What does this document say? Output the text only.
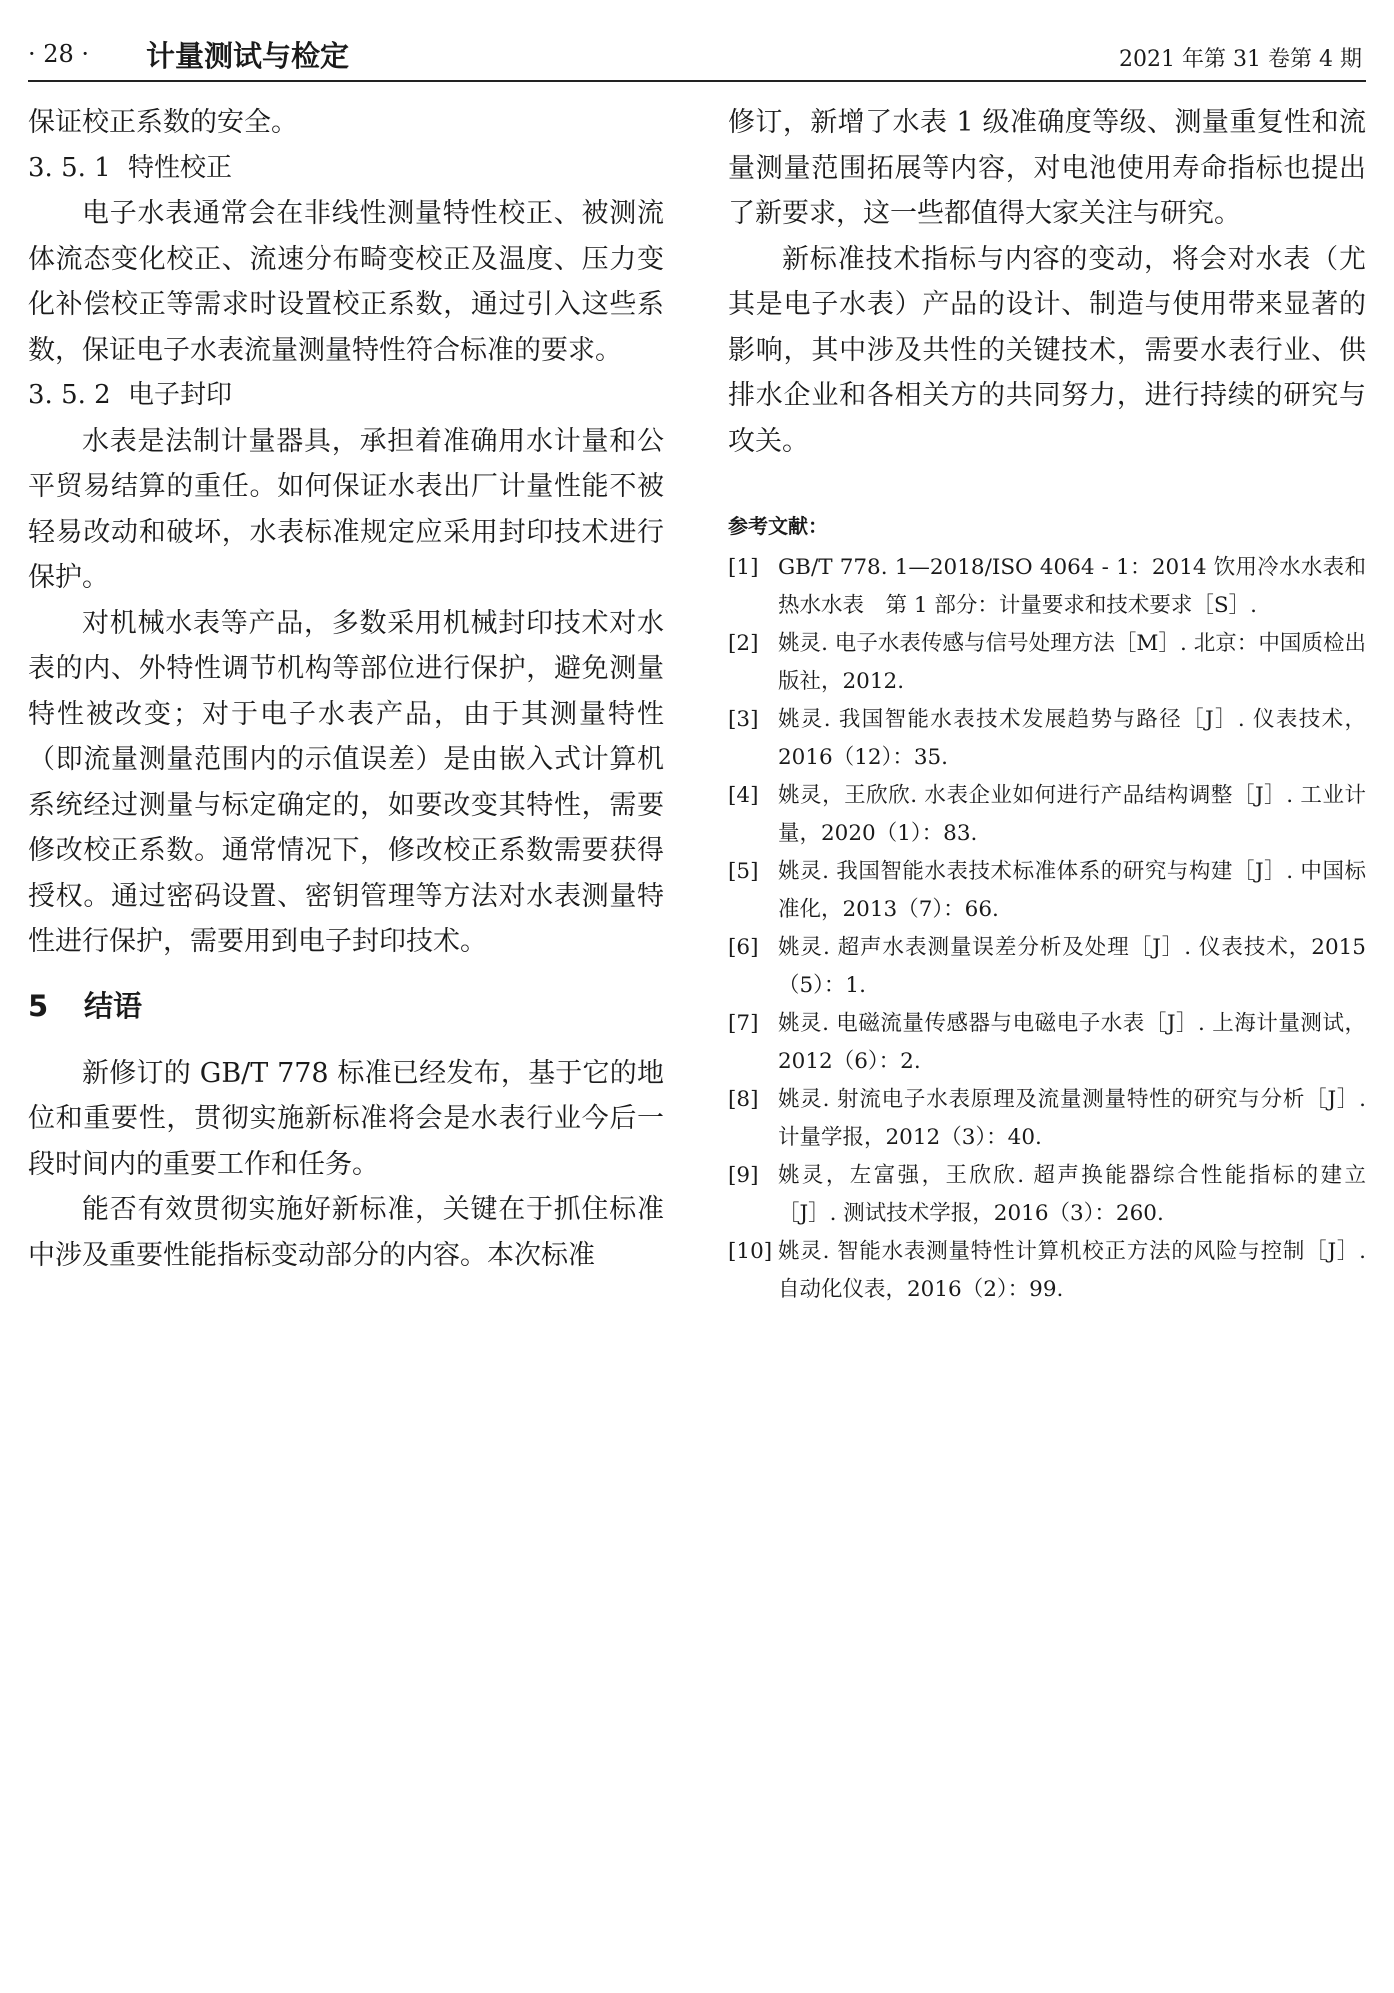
· 28 · 计量测试与检定	2021 年第 31 卷第 4 期

保证校正系数的安全。

3. 5. 1 特性校正

电子水表通常会在非线性测量特性校正、被测流体流态变化校正、流速分布畸变校正及温度、压力变化补偿校正等需求时设置校正系数，通过引入这些系数，保证电子水表流量测量特性符合标准的要求。

3. 5. 2 电子封印

水表是法制计量器具，承担着准确用水计量和公平贸易结算的重任。如何保证水表出厂计量性能不被轻易改动和破坏，水表标准规定应采用封印技术进行保护。

对机械水表等产品，多数采用机械封印技术对水表的内、外特性调节机构等部位进行保护，避免测量特性被改变；对于电子水表产品，由于其测量特性（即流量测量范围内的示值误差）是由嵌入式计算机系统经过测量与标定确定的，如要改变其特性，需要修改校正系数。通常情况下，修改校正系数需要获得授权。通过密码设置、密钥管理等方法对水表测量特性进行保护，需要用到电子封印技术。

5 结语

新修订的 GB/T 778 标准已经发布，基于它的地位和重要性，贯彻实施新标准将会是水表行业今后一段时间内的重要工作和任务。

能否有效贯彻实施好新标准，关键在于抓住标准中涉及重要性能指标变动部分的内容。本次标准

修订，新增了水表 1 级准确度等级、测量重复性和流量测量范围拓展等内容，对电池使用寿命指标也提出了新要求，这一些都值得大家关注与研究。

新标准技术指标与内容的变动，将会对水表（尤其是电子水表）产品的设计、制造与使用带来显著的影响，其中涉及共性的关键技术，需要水表行业、供排水企业和各相关方的共同努力，进行持续的研究与攻关。

参考文献：
[1] GB/T 778. 1—2018/ISO 4064 - 1：2014 饮用冷水水表和热水水表　第 1 部分：计量要求和技术要求［S］.
[2] 姚灵. 电子水表传感与信号处理方法［M］. 北京：中国质检出版社，2012.
[3] 姚灵. 我国智能水表技术发展趋势与路径［J］. 仪表技术，2016（12）：35.
[4] 姚灵，王欣欣. 水表企业如何进行产品结构调整［J］. 工业计量，2020（1）：83.
[5] 姚灵. 我国智能水表技术标准体系的研究与构建［J］. 中国标准化，2013（7）：66.
[6] 姚灵. 超声水表测量误差分析及处理［J］. 仪表技术，2015（5）：1.
[7] 姚灵. 电磁流量传感器与电磁电子水表［J］. 上海计量测试，2012（6）：2.
[8] 姚灵. 射流电子水表原理及流量测量特性的研究与分析［J］. 计量学报，2012（3）：40.
[9] 姚灵，左富强，王欣欣. 超声换能器综合性能指标的建立［J］. 测试技术学报，2016（3）：260.
[10] 姚灵. 智能水表测量特性计算机校正方法的风险与控制［J］. 自动化仪表，2016（2）：99.
